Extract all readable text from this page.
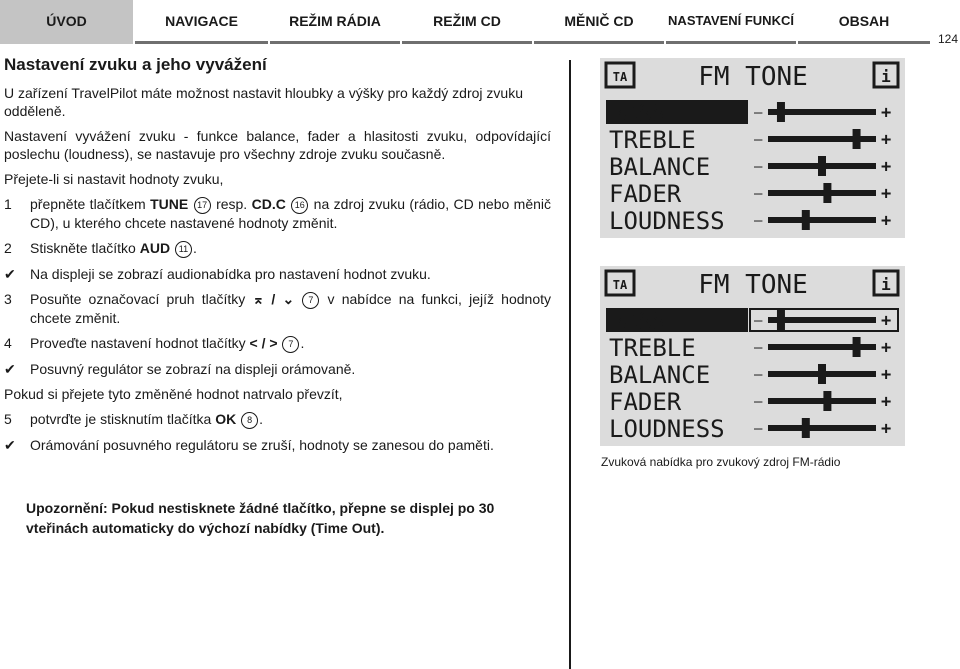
ÚVOD	NAVIGACE	REŽIM RÁDIA	REŽIM CD	MĚNIČ CD	NASTAVENÍ FUNKCÍ	OBSAH
124
Nastavení zvuku a jeho vyvážení

U zařízení TravelPilot máte možnost nastavit hloubky a výšky pro každý zdroj zvuku odděleně.

Nastavení vyvážení zvuku - funkce balance, fader a hlasitosti zvuku, odpovídající poslechu (loudness), se nastavuje pro všechny zdroje zvuku současně.

Přejete-li si nastavit hodnoty zvuku,

1	přepněte tlačítkem TUNE 17 resp. CD.C 16 na zdroj zvuku (rádio, CD nebo měnič CD), u kterého chcete nastavené hodnoty změnit.
2	Stiskněte tlačítko AUD 11 .
✔	Na displeji se zobrazí audionabídka pro nastavení hodnot zvuku.
3	Posuňte označovací pruh tlačítky ⌅ / ⌄ 7 v nabídce na funkci, jejíž hodnoty chcete změnit.
4	Proveďte nastavení hodnot tlačítky < / > 7 .
✔	Posuvný regulátor se zobrazí na displeji orámovaně.

Pokud si přejete tyto změněné hodnot natrvalo převzít,

5	potvrďte je stisknutím tlačítka OK 8 .
✔	Orámování posuvného regulátoru se zruší, hodnoty se zanesou do paměti.
Upozornění: Pokud nestisknete žádné tlačítko, přepne se displej po 30 vteřinách automaticky do výchozí nabídky (Time Out).
TA	i
FM TONE
BASS	—	+
TREBLE	—	+
BALANCE	—	+
FADER	—	+
LOUDNESS —	+
TA	i
FM TONE
BASS	—	+
TREBLE	—	+
BALANCE	—	+
FADER	—	+
LOUDNESS —	+
Zvuková nabídka pro zvukový zdroj FM-rádio
